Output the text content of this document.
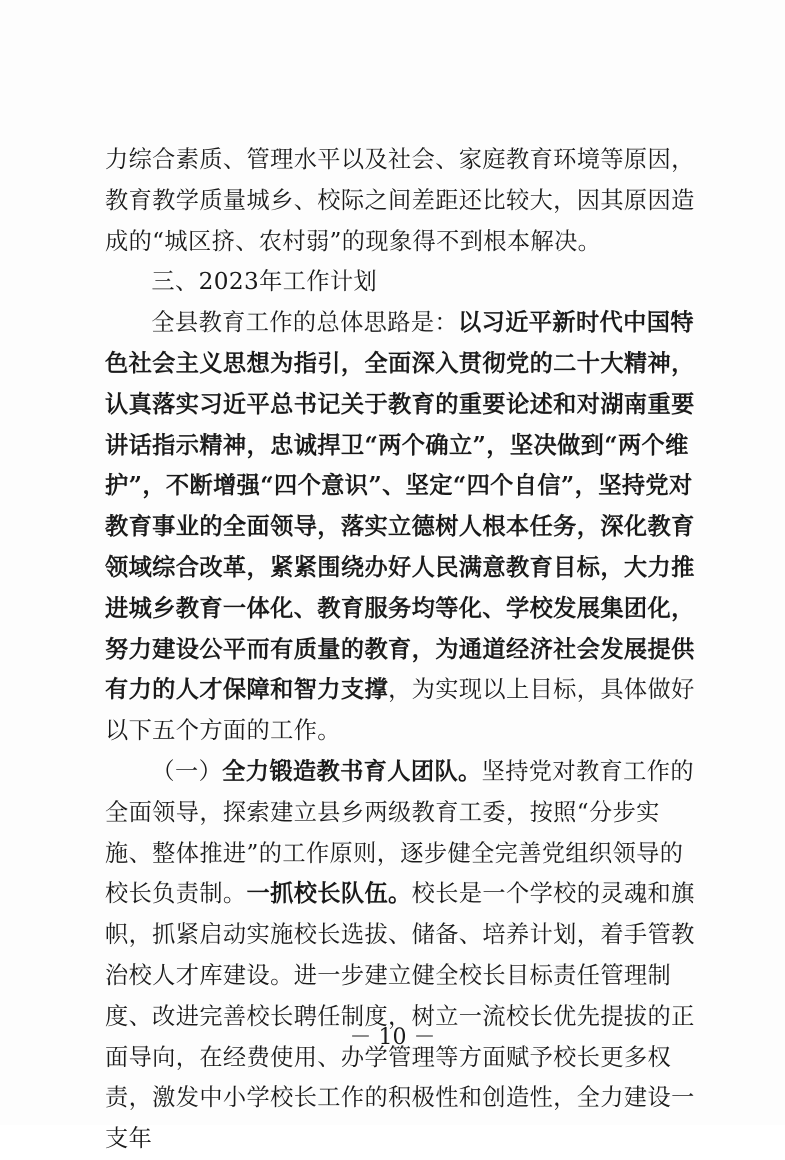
力综合素质、管理水平以及社会、家庭教育环境等原因，教育教学质量城乡、校际之间差距还比较大，因其原因造成的“城区挤、农村弱”的现象得不到根本解决。

三、2023年工作计划

全县教育工作的总体思路是：以习近平新时代中国特色社会主义思想为指引，全面深入贯彻党的二十大精神，认真落实习近平总书记关于教育的重要论述和对湖南重要讲话指示精神，忠诚捍卫“两个确立”，坚决做到“两个维护”，不断增强“四个意识”、坚定“四个自信”，坚持党对教育事业的全面领导，落实立德树人根本任务，深化教育领域综合改革，紧紧围绕办好人民满意教育目标，大力推进城乡教育一体化、教育服务均等化、学校发展集团化，努力建设公平而有质量的教育，为通道经济社会发展提供有力的人才保障和智力支撑，为实现以上目标，具体做好以下五个方面的工作。

（一）全力锻造教书育人团队。坚持党对教育工作的全面领导，探索建立县乡两级教育工委，按照“分步实施、整体推进”的工作原则，逐步健全完善党组织领导的校长负责制。一抓校长队伍。校长是一个学校的灵魂和旗帜，抓紧启动实施校长选拔、储备、培养计划，着手管教治校人才库建设。进一步建立健全校长目标责任管理制度、改进完善校长聘任制度，树立一流校长优先提拔的正面导向，在经费使用、办学管理等方面赋予校长更多权责，激发中小学校长工作的积极性和创造性，全力建设一支年

－ 10 －
